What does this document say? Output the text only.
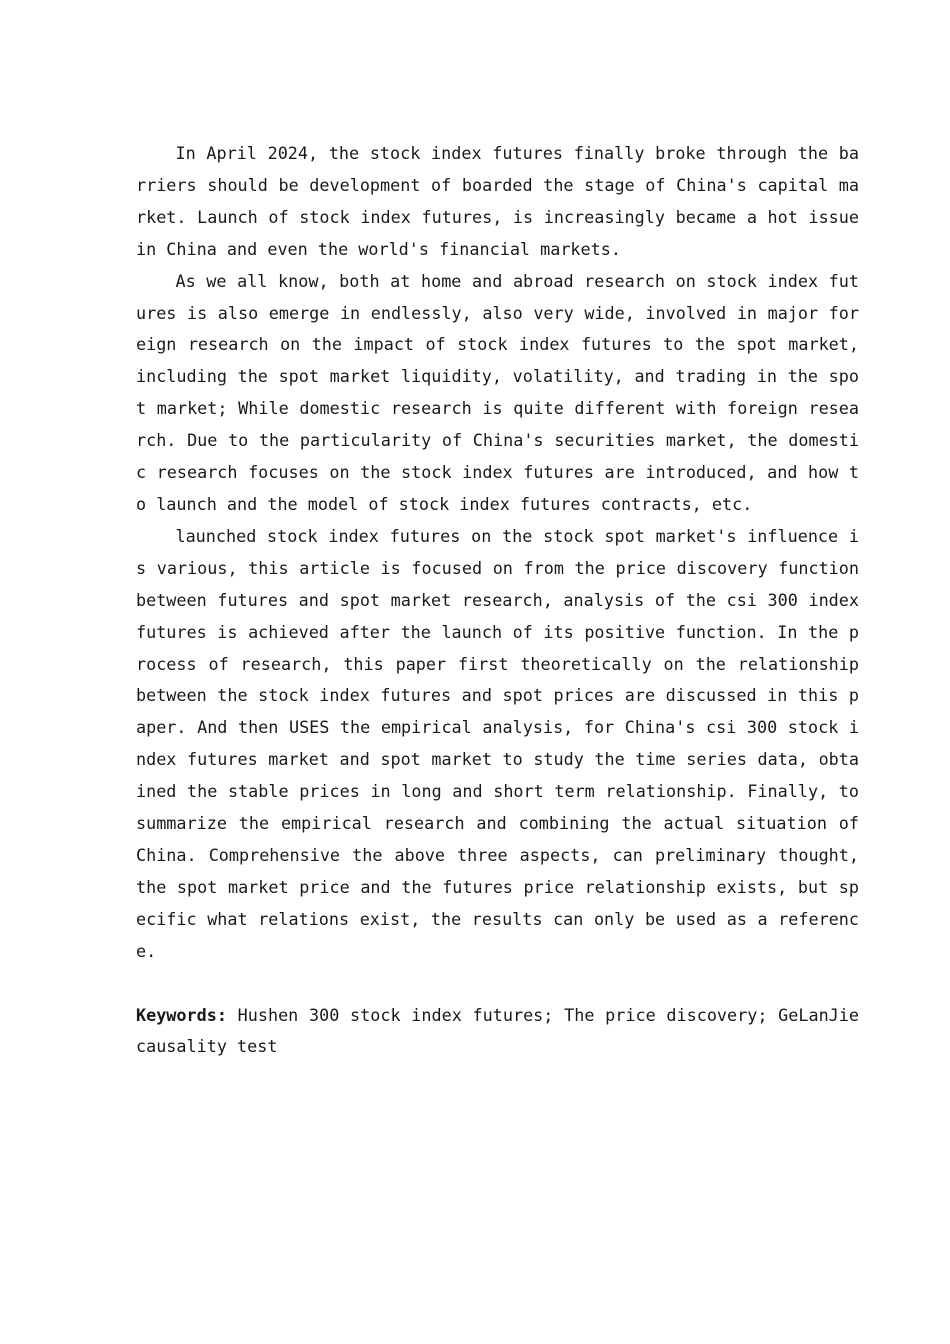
In April 2024, the stock index futures finally broke through the barriers should be development of boarded the stage of China's capital market. Launch of stock index futures, is increasingly became a hot issue in China and even the world's financial markets.

As we all know, both at home and abroad research on stock index futures is also emerge in endlessly, also very wide, involved in major foreign research on the impact of stock index futures to the spot market, including the spot market liquidity, volatility, and trading in the spot market; While domestic research is quite different with foreign research. Due to the particularity of China's securities market, the domestic research focuses on the stock index futures are introduced, and how to launch and the model of stock index futures contracts, etc.

launched stock index futures on the stock spot market's influence is various, this article is focused on from the price discovery function between futures and spot market research, analysis of the csi 300 index futures is achieved after the launch of its positive function. In the process of research, this paper first theoretically on the relationship between the stock index futures and spot prices are discussed in this paper. And then USES the empirical analysis, for China's csi 300 stock index futures market and spot market to study the time series data, obtained the stable prices in long and short term relationship. Finally, to summarize the empirical research and combining the actual situation of China. Comprehensive the above three aspects, can preliminary thought, the spot market price and the futures price relationship exists, but specific what relations exist, the results can only be used as a reference.

Keywords: Hushen 300 stock index futures; The price discovery; GeLanJie causality test
